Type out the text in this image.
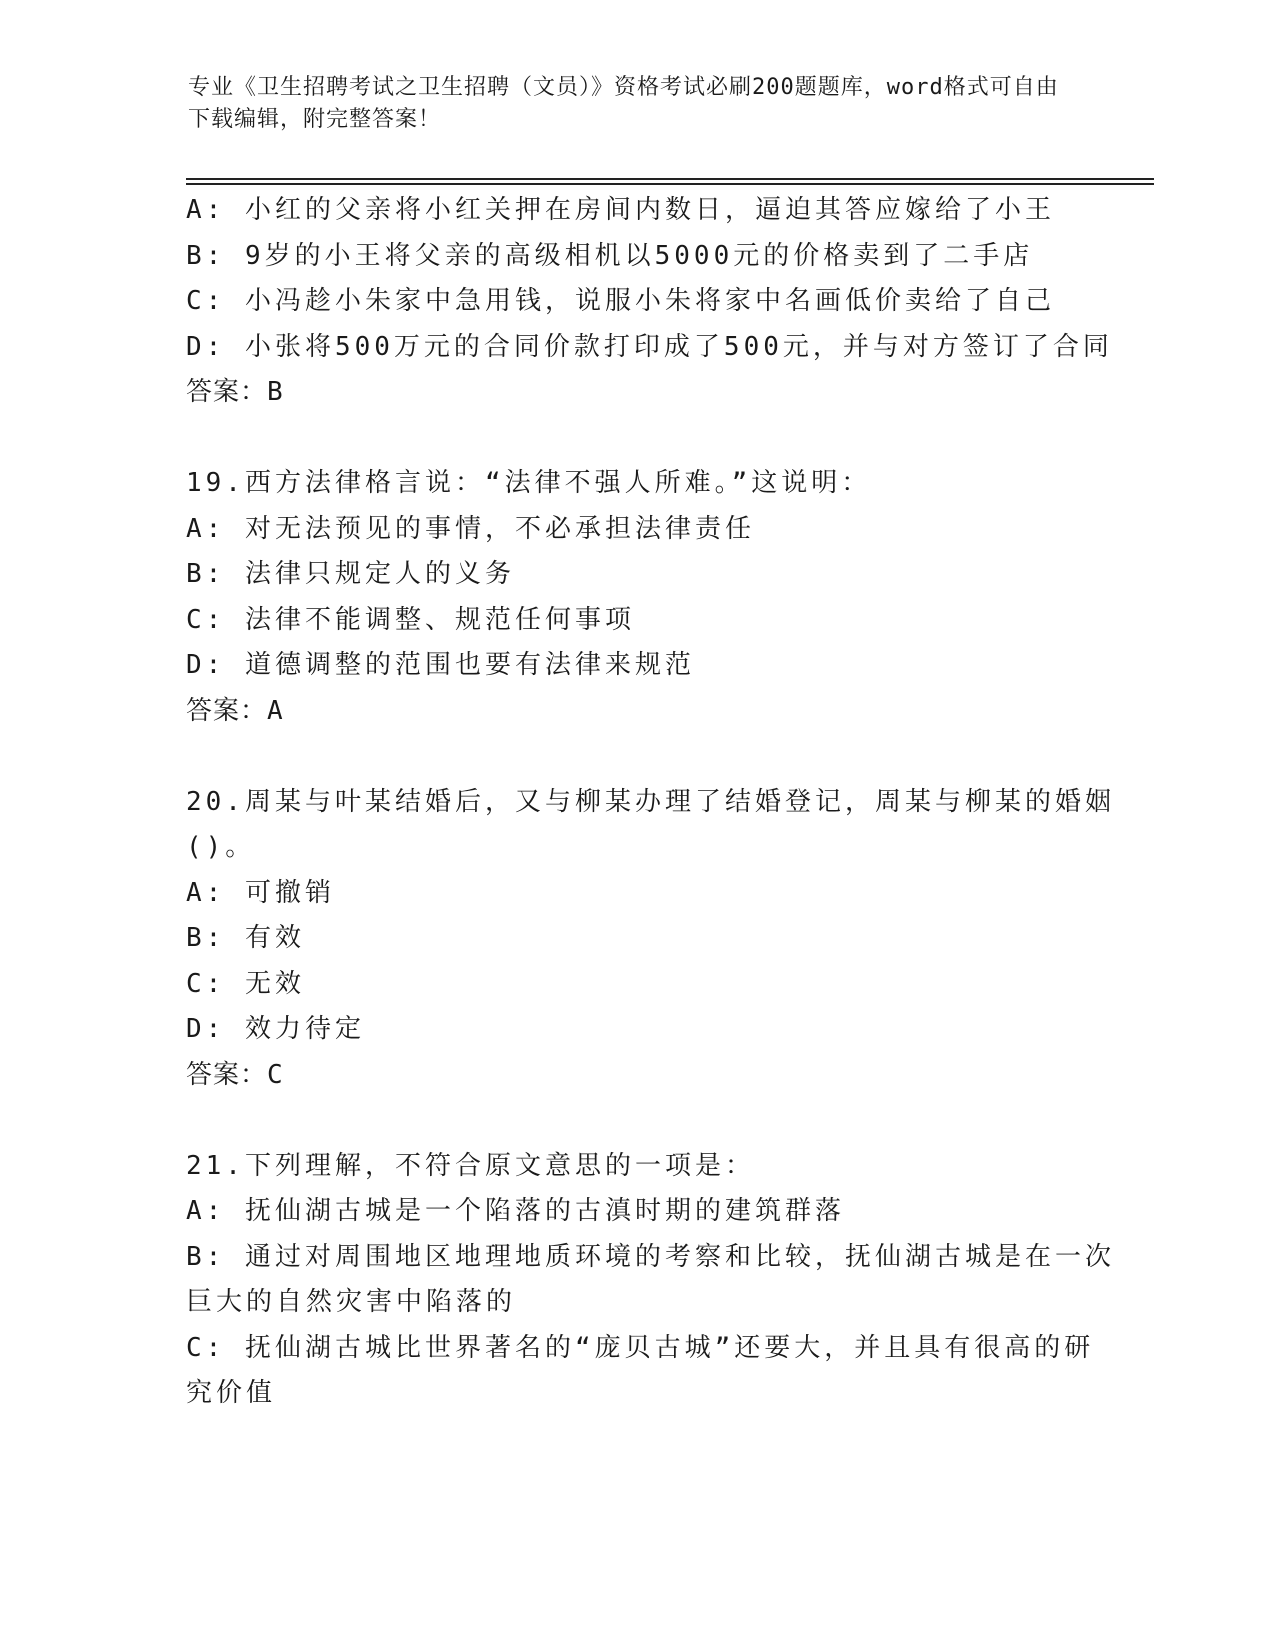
专业《卫生招聘考试之卫生招聘（文员）》资格考试必刷200题题库，word格式可自由下载编辑，附完整答案！
A: 小红的父亲将小红关押在房间内数日，逼迫其答应嫁给了小王
B: 9岁的小王将父亲的高级相机以5000元的价格卖到了二手店
C: 小冯趁小朱家中急用钱，说服小朱将家中名画低价卖给了自己
D: 小张将500万元的合同价款打印成了500元，并与对方签订了合同
答案：B
19.西方法律格言说：“法律不强人所难。”这说明：
A: 对无法预见的事情，不必承担法律责任
B: 法律只规定人的义务
C: 法律不能调整、规范任何事项
D: 道德调整的范围也要有法律来规范
答案：A
20.周某与叶某结婚后，又与柳某办理了结婚登记，周某与柳某的婚姻
()。
A: 可撤销
B: 有效
C: 无效
D: 效力待定
答案：C
21.下列理解，不符合原文意思的一项是：
A: 抚仙湖古城是一个陷落的古滇时期的建筑群落
B: 通过对周围地区地理地质环境的考察和比较，抚仙湖古城是在一次
巨大的自然灾害中陷落的
C: 抚仙湖古城比世界著名的“庞贝古城”还要大，并且具有很高的研
究价值
